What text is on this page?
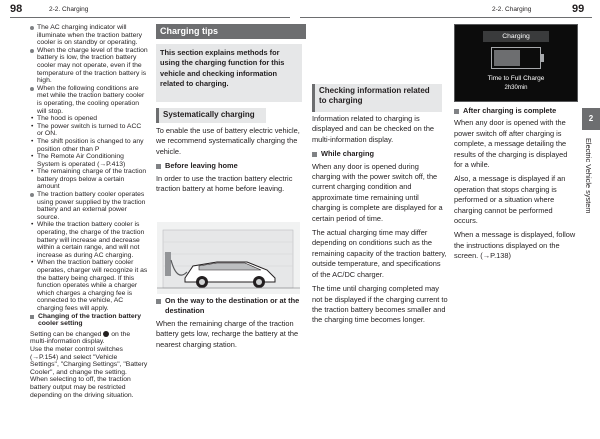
98	2-2. Charging	2-2. Charging	99
2
Electric Vehicle system

The AC charging indicator will illuminate when the traction battery cooler is on standby or operating.

When the charge level of the traction battery is low, the traction battery cooler may not operate, even if the temperature of the traction battery is high.

When the following conditions are met while the traction battery cooler is operating, the cooling operation will stop.

• The hood is opened

• The power switch is turned to ACC or ON.

• The shift position is changed to any position other than P

• The Remote Air Conditioning System is operated (→P.413)

• The remaining charge of the traction battery drops below a certain amount

The traction battery cooler operates using power supplied by the traction battery and an external power source.

• While the traction battery cooler is operating, the charge of the traction battery will increase and decrease within a certain range, and will not increase as during AC charging.

• When the traction battery cooler operates, charger will recognize it as the battery being charged. If this function operates while a charger which charges a charging fee is connected to the vehicle, AC charging fees will apply.

Changing of the traction battery cooler setting

Setting can be changed on the multi-information display.

Use the meter control switches (→P.154) and select "Vehicle Settings", "Charging Settings", "Battery Cooler", and change the setting.

When selecting to off, the traction battery output may be restricted depending on the driving situation.

Charging tips
This section explains methods for using the charging function for this vehicle and checking information related to charging.
Systematically charging

To enable the use of battery electric vehicle, we recommend systematically charging the vehicle.

Before leaving home

In order to use the traction battery electric traction battery at home before leaving.

On the way to the destination or at the destination

When the remaining charge of the traction battery gets low, recharge the battery at the nearest charging station.

Checking information related to charging

Information related to charging is displayed and can be checked on the multi-information display.

While charging

When any door is opened during charging with the power switch off, the current charging condition and approximate time remaining until charging is complete are displayed for a certain period of time.

The actual charging time may differ depending on conditions such as the remaining capacity of the traction battery, outside temperature, and specifications of the AC/DC charger.

The time until charging completed may not be displayed if the charging current to the traction battery becomes smaller and the charging time becomes longer.

Charging
Time to Full Charge
2h30min

After charging is complete

When any door is opened with the power switch off after charging is complete, a message detailing the results of the charging is displayed for a while.

Also, a message is displayed if an operation that stops charging is performed or a situation where charging cannot be performed occurs.

When a message is displayed, follow the instructions displayed on the screen. (→P.138)
